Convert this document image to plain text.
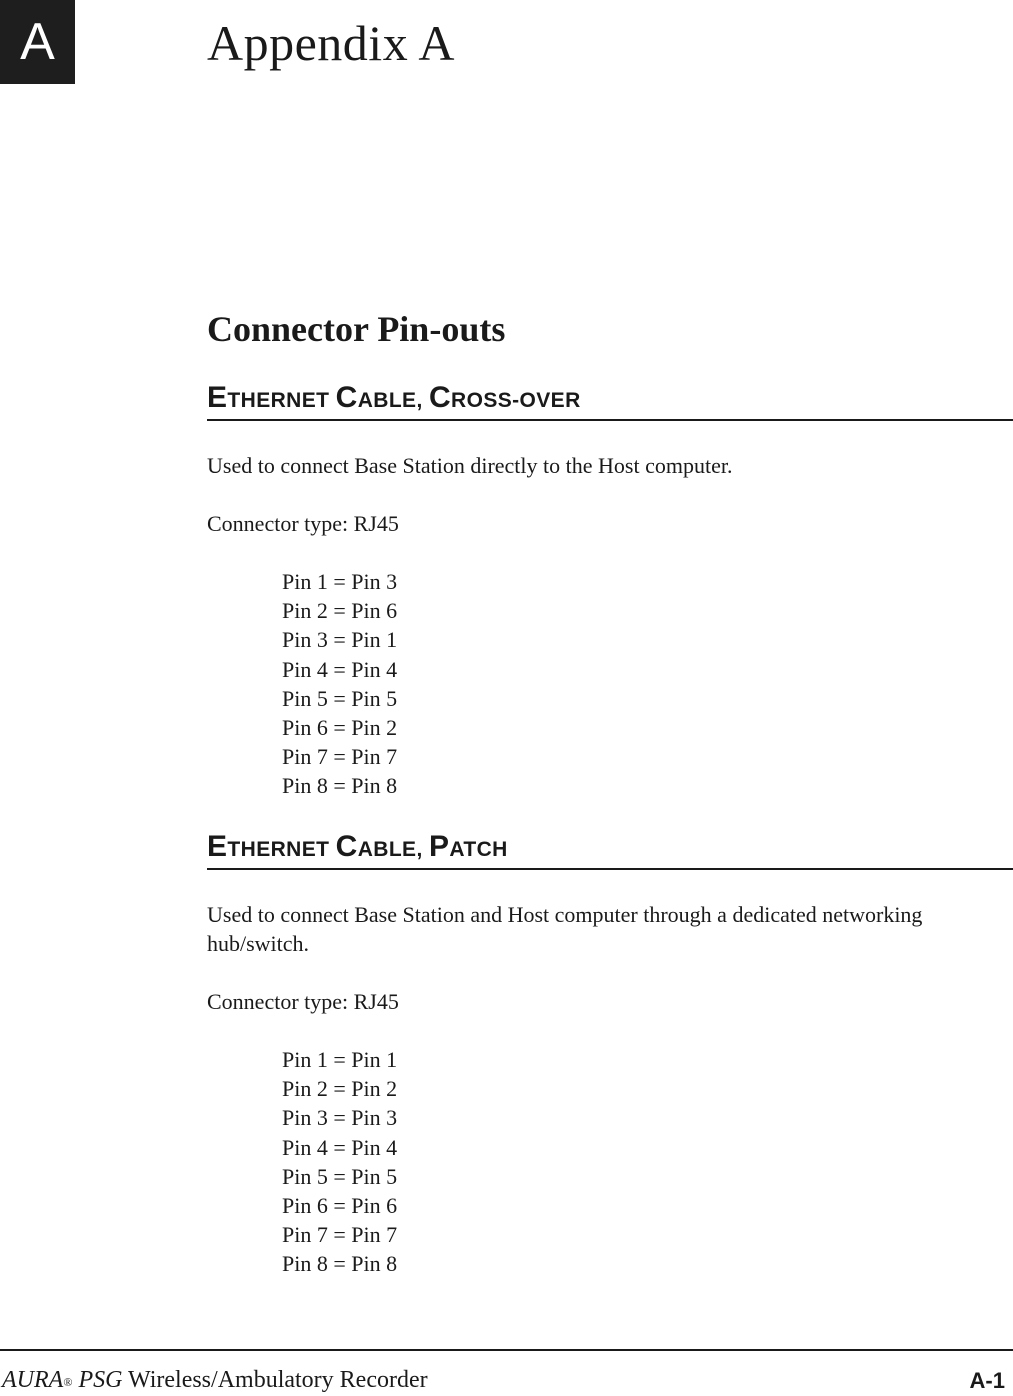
A	Appendix A
Connector Pin-outs
ETHERNET CABLE, CROSS-OVER
Used to connect Base Station directly to the Host computer.
Connector type: RJ45
Pin 1 = Pin 3
Pin 2 = Pin 6
Pin 3 = Pin 1
Pin 4 = Pin 4
Pin 5 = Pin 5
Pin 6 = Pin 2
Pin 7 = Pin 7
Pin 8 = Pin 8
ETHERNET CABLE, PATCH
Used to connect Base Station and Host computer through a dedicated networking hub/switch.
Connector type: RJ45
Pin 1 = Pin 1
Pin 2 = Pin 2
Pin 3 = Pin 3
Pin 4 = Pin 4
Pin 5 = Pin 5
Pin 6 = Pin 6
Pin 7 = Pin 7
Pin 8 = Pin 8
AURA® PSG Wireless/Ambulatory Recorder	A-1
